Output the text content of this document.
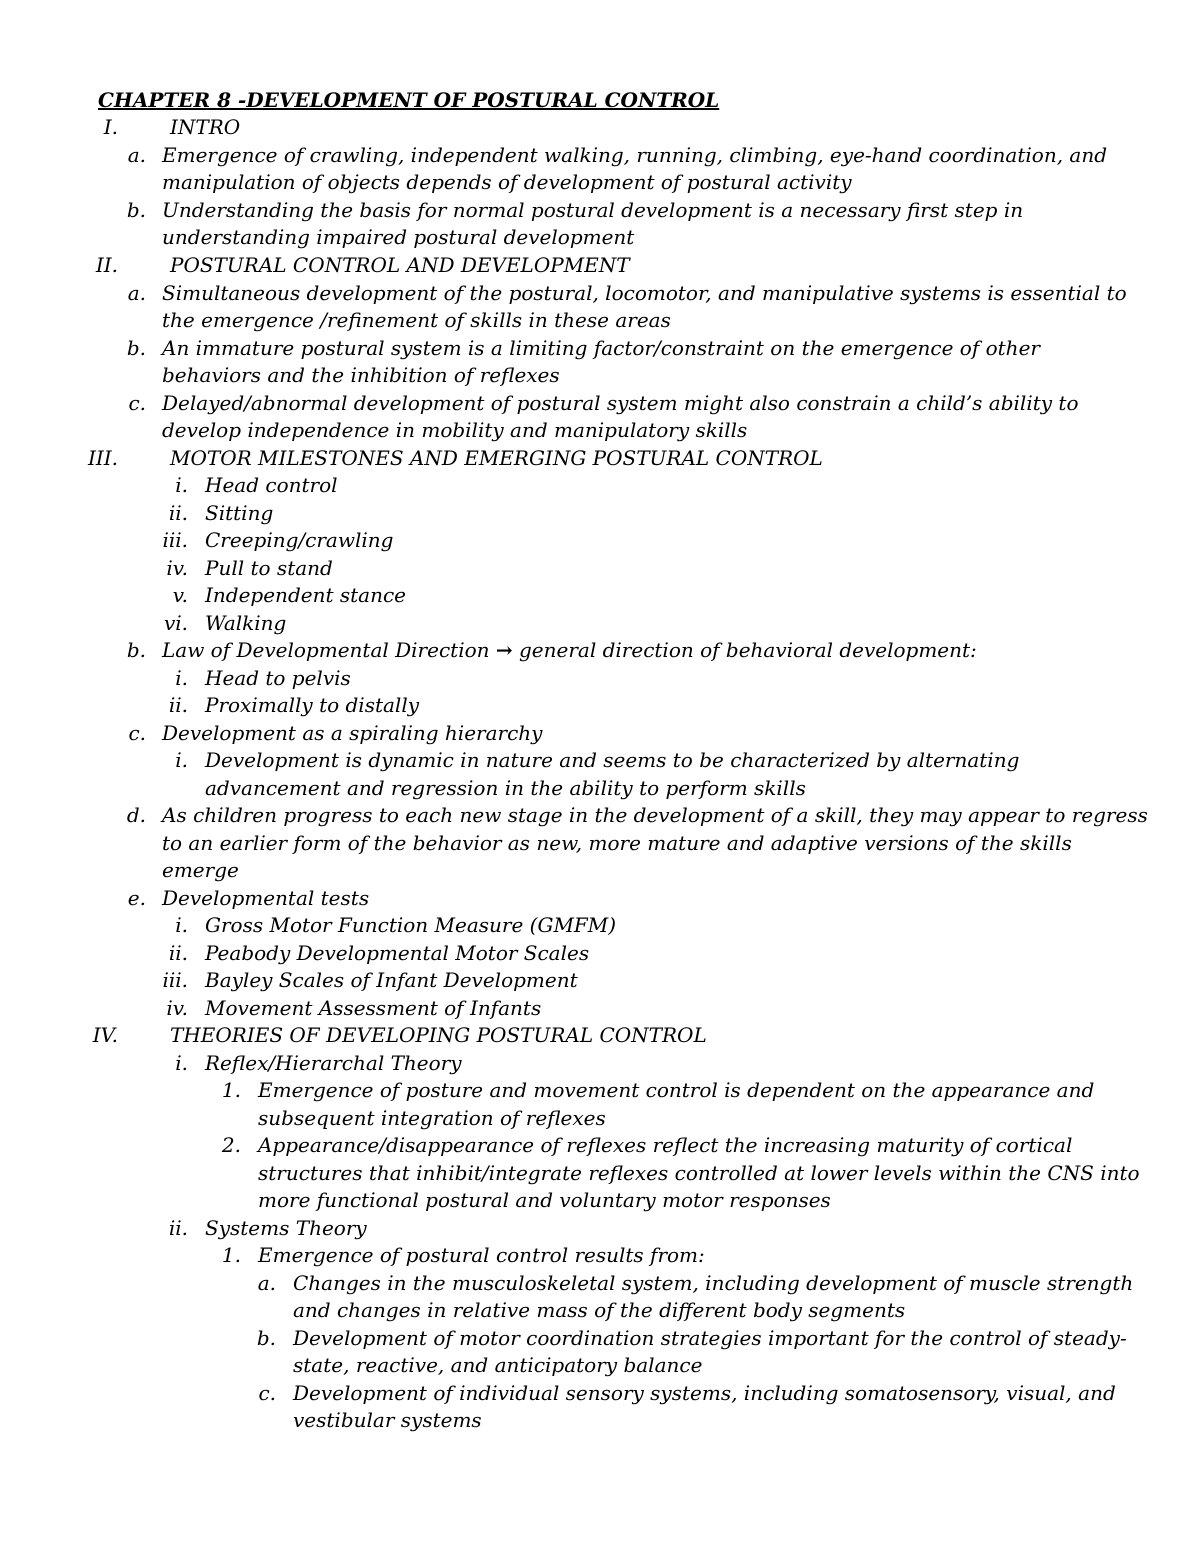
CHAPTER 8 -DEVELOPMENT OF POSTURAL CONTROL
I.	INTRO
a. Emergence of crawling, independent walking, running, climbing, eye-hand coordination, and
manipulation of objects depends of development of postural activity
b. Understanding the basis for normal postural development is a necessary first step in
understanding impaired postural development
II.	POSTURAL CONTROL AND DEVELOPMENT
a. Simultaneous development of the postural, locomotor, and manipulative systems is essential to
the emergence /refinement of skills in these areas
b. An immature postural system is a limiting factor/constraint on the emergence of other
behaviors and the inhibition of reflexes
c. Delayed/abnormal development of postural system might also constrain a child’s ability to
develop independence in mobility and manipulatory skills
III.	MOTOR MILESTONES AND EMERGING POSTURAL CONTROL
i. Head control
ii. Sitting
iii. Creeping/crawling
iv. Pull to stand
v. Independent stance
vi. Walking
b. Law of Developmental Direction → general direction of behavioral development:
i. Head to pelvis
ii. Proximally to distally
c. Development as a spiraling hierarchy
i. Development is dynamic in nature and seems to be characterized by alternating
advancement and regression in the ability to perform skills
d. As children progress to each new stage in the development of a skill, they may appear to regress
to an earlier form of the behavior as new, more mature and adaptive versions of the skills
emerge
e. Developmental tests
i. Gross Motor Function Measure (GMFM)
ii. Peabody Developmental Motor Scales
iii. Bayley Scales of Infant Development
iv. Movement Assessment of Infants
IV.	THEORIES OF DEVELOPING POSTURAL CONTROL
i. Reflex/Hierarchal Theory
1. Emergence of posture and movement control is dependent on the appearance and
subsequent integration of reflexes
2. Appearance/disappearance of reflexes reflect the increasing maturity of cortical
structures that inhibit/integrate reflexes controlled at lower levels within the CNS into
more functional postural and voluntary motor responses
ii. Systems Theory
1. Emergence of postural control results from:
a. Changes in the musculoskeletal system, including development of muscle strength
and changes in relative mass of the different body segments
b. Development of motor coordination strategies important for the control of steady-
state, reactive, and anticipatory balance
c. Development of individual sensory systems, including somatosensory, visual, and
vestibular systems
